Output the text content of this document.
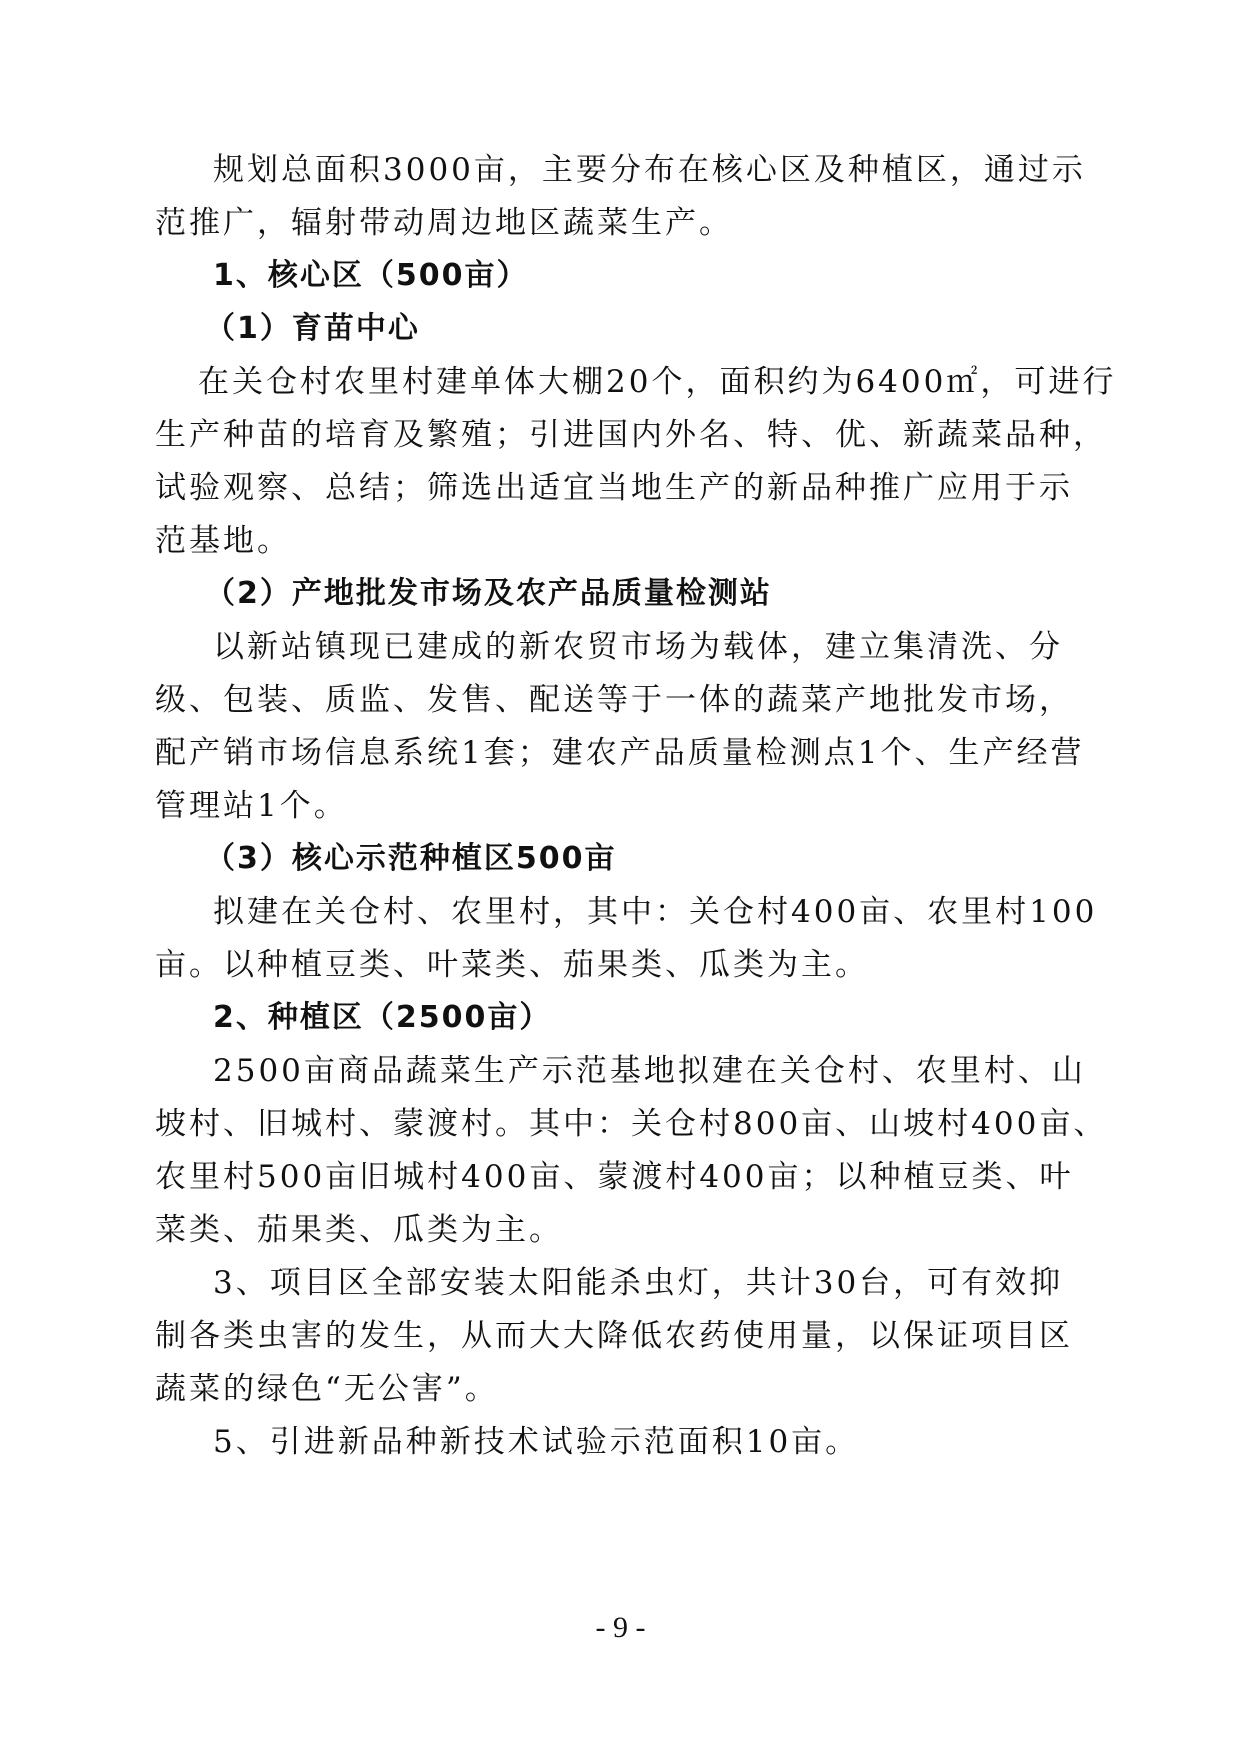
规划总面积3000亩，主要分布在核心区及种植区，通过示
范推广，辐射带动周边地区蔬菜生产。
1、核心区（500亩）
（1）育苗中心
在关仓村农里村建单体大棚20个，面积约为6400㎡，可进行
生产种苗的培育及繁殖；引进国内外名、特、优、新蔬菜品种，
试验观察、总结；筛选出适宜当地生产的新品种推广应用于示
范基地。
（2）产地批发市场及农产品质量检测站
以新站镇现已建成的新农贸市场为载体，建立集清洗、分
级、包装、质监、发售、配送等于一体的蔬菜产地批发市场，
配产销市场信息系统1套；建农产品质量检测点1个、生产经营
管理站1个。
（3）核心示范种植区500亩
拟建在关仓村、农里村，其中：关仓村400亩、农里村100
亩。以种植豆类、叶菜类、茄果类、瓜类为主。
2、种植区（2500亩）
2500亩商品蔬菜生产示范基地拟建在关仓村、农里村、山
坡村、旧城村、蒙渡村。其中：关仓村800亩、山坡村400亩、
农里村500亩旧城村400亩、蒙渡村400亩；以种植豆类、叶
菜类、茄果类、瓜类为主。
3、项目区全部安装太阳能杀虫灯，共计30台，可有效抑
制各类虫害的发生，从而大大降低农药使用量，以保证项目区
蔬菜的绿色“无公害”。
5、引进新品种新技术试验示范面积10亩。
- 9 -
